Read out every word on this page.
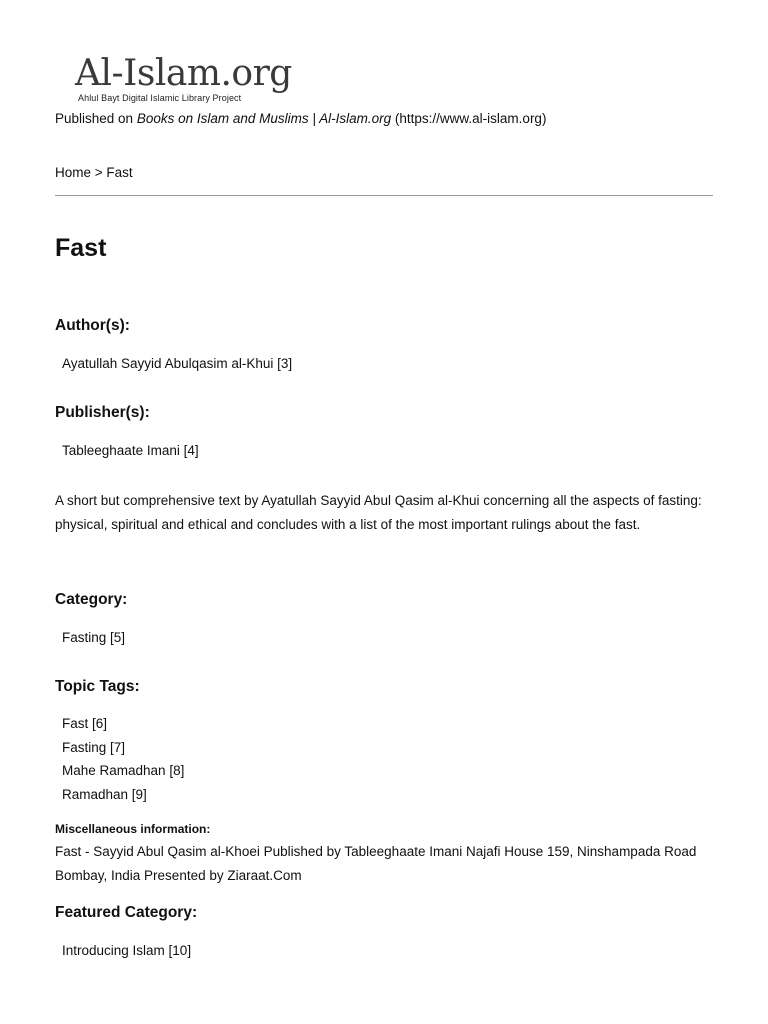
Al-Islam.org
Ahlul Bayt Digital Islamic Library Project
Published on Books on Islam and Muslims | Al-Islam.org (https://www.al-islam.org)
Home > Fast
Fast
Author(s):
Ayatullah Sayyid Abulqasim al-Khui [3]
Publisher(s):
Tableeghaate Imani [4]

A short but comprehensive text by Ayatullah Sayyid Abul Qasim al-Khui concerning all the aspects of fasting: physical, spiritual and ethical and concludes with a list of the most important rulings about the fast.

Category:
Fasting [5]
Topic Tags:
Fast [6]
Fasting [7]
Mahe Ramadhan [8]
Ramadhan [9]
Miscellaneous information:

Fast - Sayyid Abul Qasim al-Khoei Published by Tableeghaate Imani Najafi House 159, Ninshampada Road Bombay, India Presented by Ziaraat.Com

Featured Category:
Introducing Islam [10]
